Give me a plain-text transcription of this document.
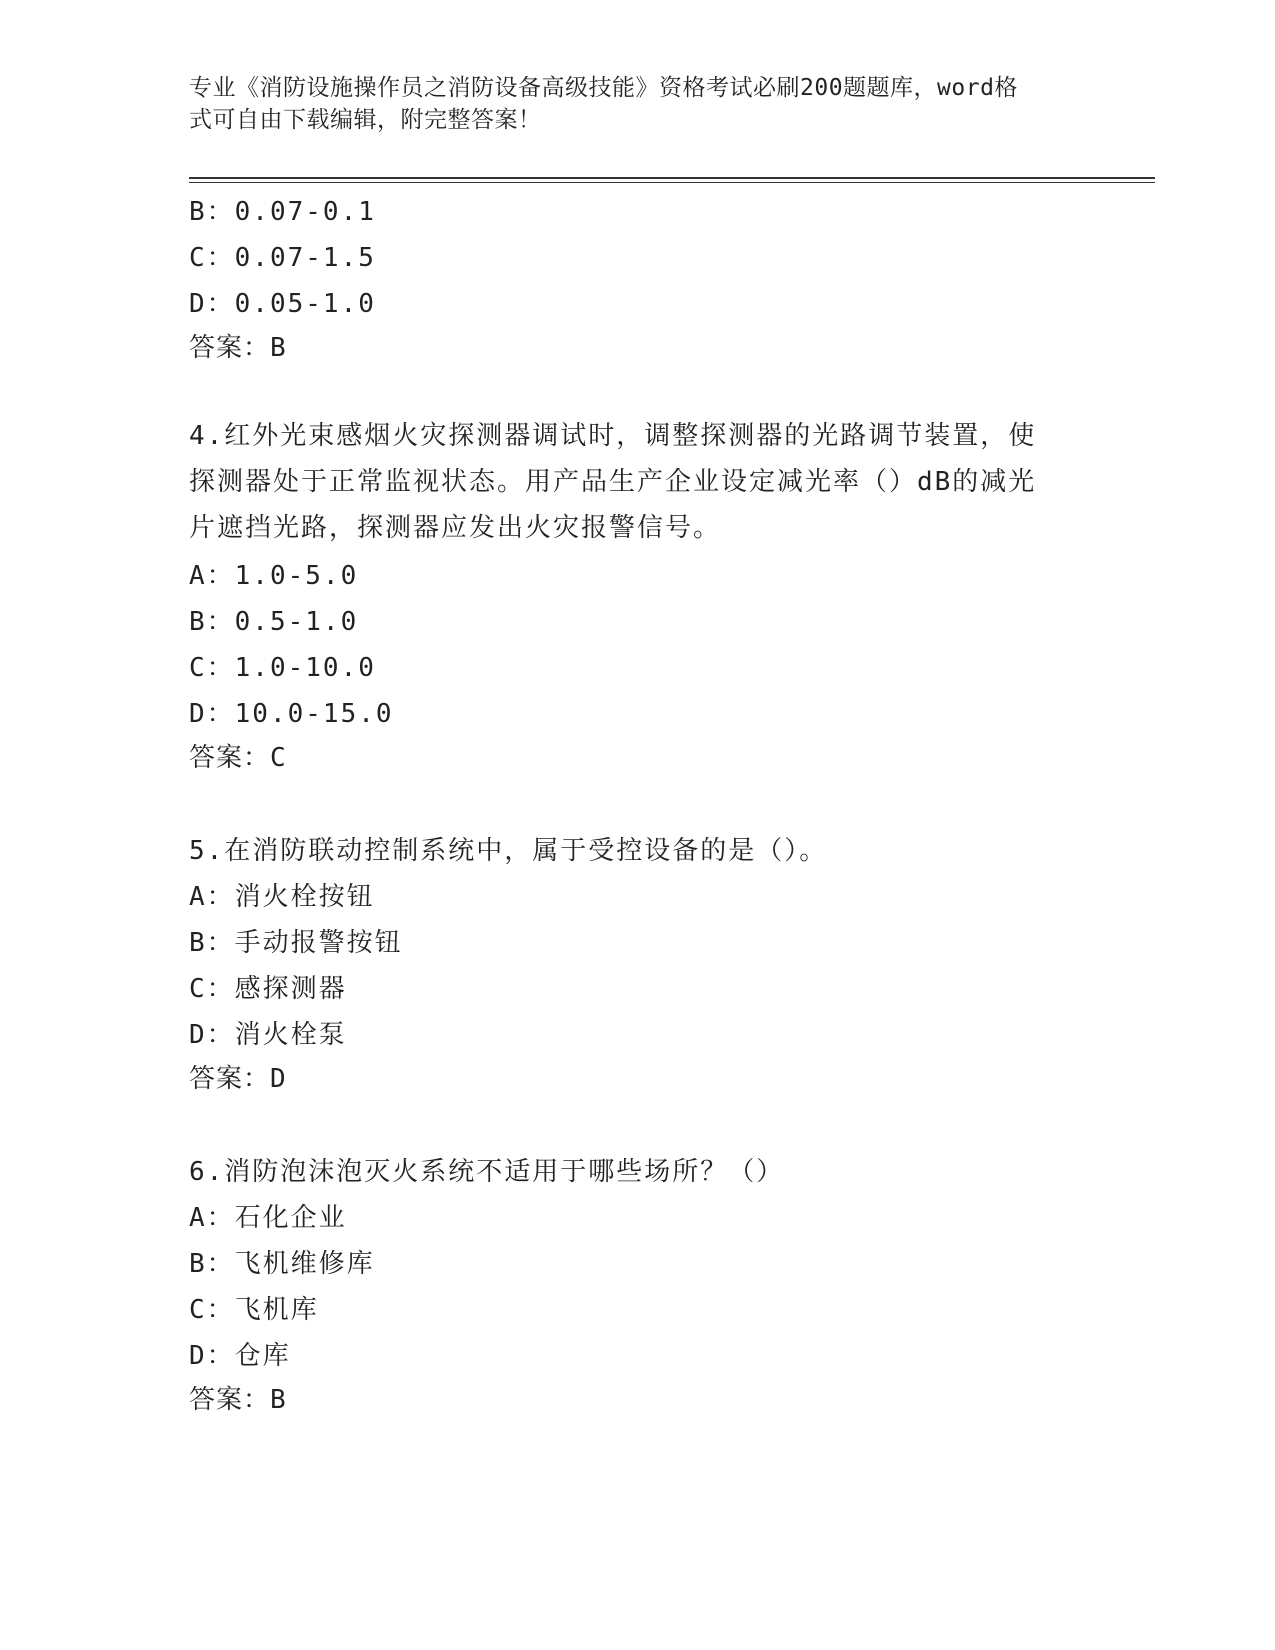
专业《消防设施操作员之消防设备高级技能》资格考试必刷200题题库，word格
式可自由下载编辑，附完整答案！
B：0.07-0.1
C：0.07-1.5
D：0.05-1.0
答案：B
4.红外光束感烟火灾探测器调试时，调整探测器的光路调节装置，使
探测器处于正常监视状态。用产品生产企业设定减光率（）dB的减光
片遮挡光路，探测器应发出火灾报警信号。
A：1.0-5.0
B：0.5-1.0
C：1.0-10.0
D：10.0-15.0
答案：C
5.在消防联动控制系统中，属于受控设备的是（）。
A：消火栓按钮
B：手动报警按钮
C：感探测器
D：消火栓泵
答案：D
6.消防泡沫泡灭火系统不适用于哪些场所？（）
A：石化企业
B：飞机维修库
C：飞机库
D：仓库
答案：B
